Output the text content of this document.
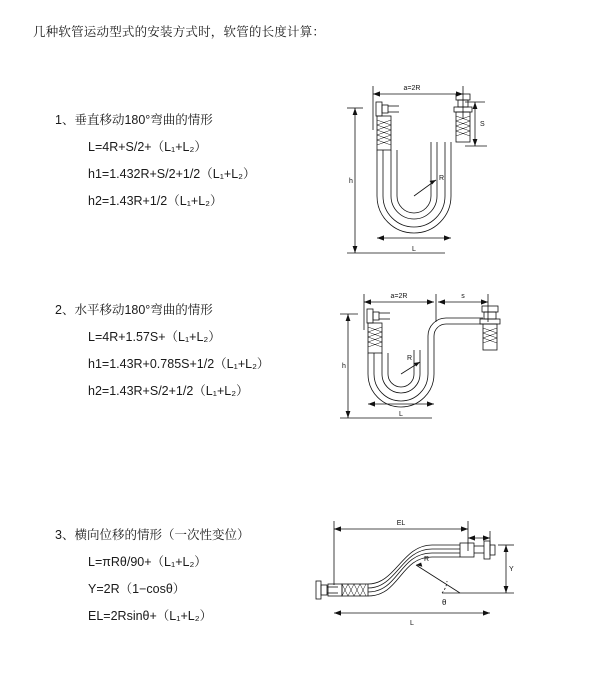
几种软管运动型式的安装方式时，软管的长度计算：

1、垂直移动180°弯曲的情形

L=4R+S/2+（L₁+L₂）

h1=1.432R+S/2+1/2（L₁+L₂）

h2=1.43R+1/2（L₁+L₂）

a=2R
S
h	R
L

2、水平移动180°弯曲的情形

L=4R+1.57S+（L₁+L₂）

h1=1.43R+0.785S+1/2（L₁+L₂）

h2=1.43R+S/2+1/2（L₁+L₂）

a=2R	s
h
R
L

3、横向位移的情形（一次性变位）

L=πRθ/90+（L₁+L₂）

Y=2R（1−cosθ）

EL=2Rsinθ+（L₁+L₂）

EL
Y
θ
R
L
